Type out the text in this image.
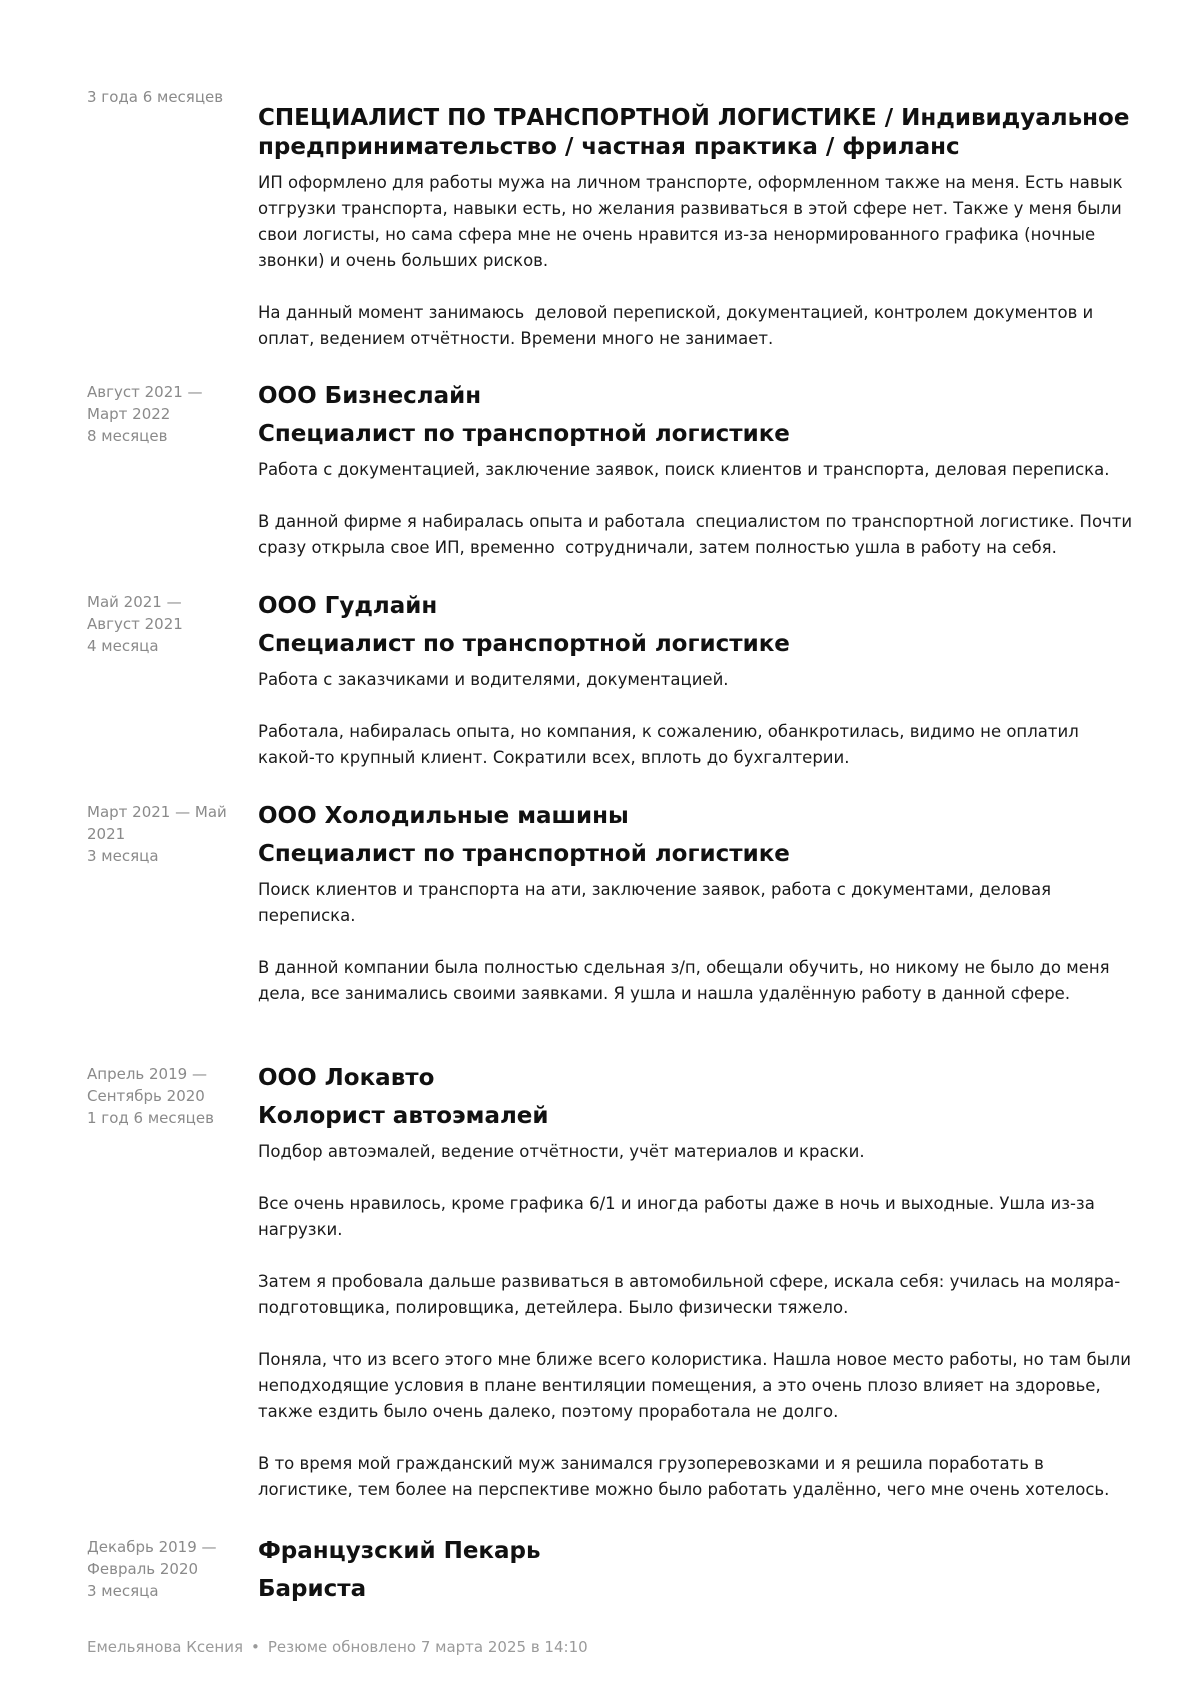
3 года 6 месяцев
СПЕЦИАЛИСТ ПО ТРАНСПОРТНОЙ ЛОГИСТИКЕ / Индивидуальное предпринимательство / частная практика / фриланс

ИП оформлено для работы мужа на личном транспорте, оформленном также на меня. Есть навык отгрузки транспорта, навыки есть, но желания развиваться в этой сфере нет. Также у меня были свои логисты, но сама сфера мне не очень нравится из-за ненормированного графика (ночные звонки) и очень больших рисков.

На данный момент занимаюсь  деловой перепиской, документацией, контролем документов и оплат, ведением отчётности. Времени много не занимает.

Август 2021 —
Март 2022
8 месяцев
ООО Бизнеслайн
Специалист по транспортной логистике

Работа с документацией, заключение заявок, поиск клиентов и транспорта, деловая переписка.

В данной фирме я набиралась опыта и работала  специалистом по транспортной логистике. Почти сразу открыла свое ИП, временно  сотрудничали, затем полностью ушла в работу на себя.

Май 2021 —
Август 2021
4 месяца
ООО Гудлайн
Специалист по транспортной логистике

Работа с заказчиками и водителями, документацией.

Работала, набиралась опыта, но компания, к сожалению, обанкротилась, видимо не оплатил какой-то крупный клиент. Сократили всех, вплоть до бухгалтерии.

Март 2021 — Май
2021
3 месяца
ООО Холодильные машины
Специалист по транспортной логистике

Поиск клиентов и транспорта на ати, заключение заявок, работа с документами, деловая переписка.

В данной компании была полностью сдельная з/п, обещали обучить, но никому не было до меня дела, все занимались своими заявками. Я ушла и нашла удалённую работу в данной сфере.

Апрель 2019 —
Сентябрь 2020
1 год 6 месяцев
ООО Локавто
Колорист автоэмалей

Подбор автоэмалей, ведение отчётности, учёт материалов и краски.

Все очень нравилось, кроме графика 6/1 и иногда работы даже в ночь и выходные. Ушла из-за нагрузки.

Затем я пробовала дальше развиваться в автомобильной сфере, искала себя: училась на моляра-подготовщика, полировщика, детейлера. Было физически тяжело.

Поняла, что из всего этого мне ближе всего колористика. Нашла новое место работы, но там были неподходящие условия в плане вентиляции помещения, а это очень плозо влияет на здоровье, также ездить было очень далеко, поэтому проработала не долго.

В то время мой гражданский муж занимался грузоперевозками и я решила поработать в логистике, тем более на перспективе можно было работать удалённо, чего мне очень хотелось.

Декабрь 2019 —
Февраль 2020
3 месяца
Французский Пекарь
Бариста
Емельянова Ксения • Резюме обновлено 7 марта 2025 в 14:10
